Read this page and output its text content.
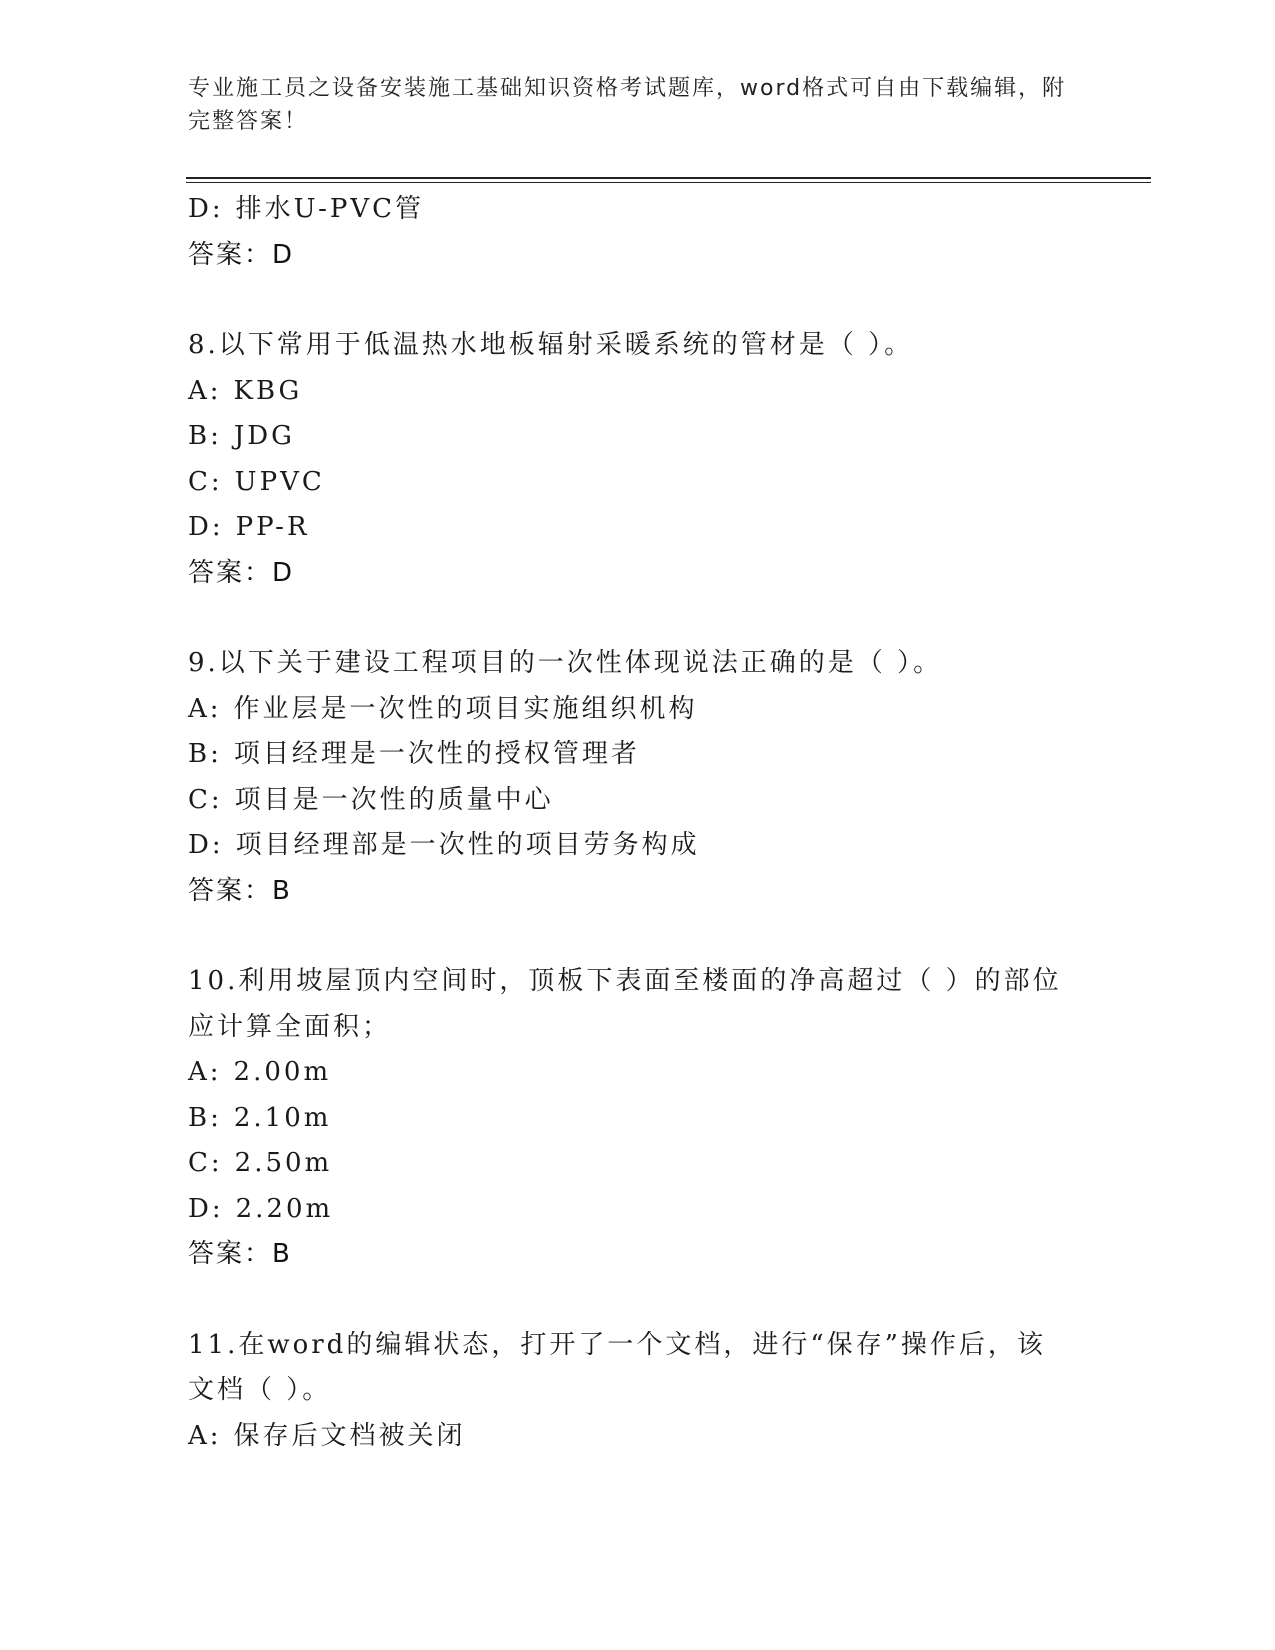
专业施工员之设备安装施工基础知识资格考试题库，word格式可自由下载编辑，附完整答案！
D: 排水U-PVC管
答案：D
8.以下常用于低温热水地板辐射采暖系统的管材是（ ）。
A: KBG
B: JDG
C: UPVC
D: PP-R
答案：D
9.以下关于建设工程项目的一次性体现说法正确的是（ ）。
A: 作业层是一次性的项目实施组织机构
B: 项目经理是一次性的授权管理者
C: 项目是一次性的质量中心
D: 项目经理部是一次性的项目劳务构成
答案：B
10.利用坡屋顶内空间时，顶板下表面至楼面的净高超过（ ）的部位应计算全面积；
A: 2.00m
B: 2.10m
C: 2.50m
D: 2.20m
答案：B
11.在word的编辑状态，打开了一个文档，进行“保存”操作后，该文档（ ）。
A: 保存后文档被关闭
